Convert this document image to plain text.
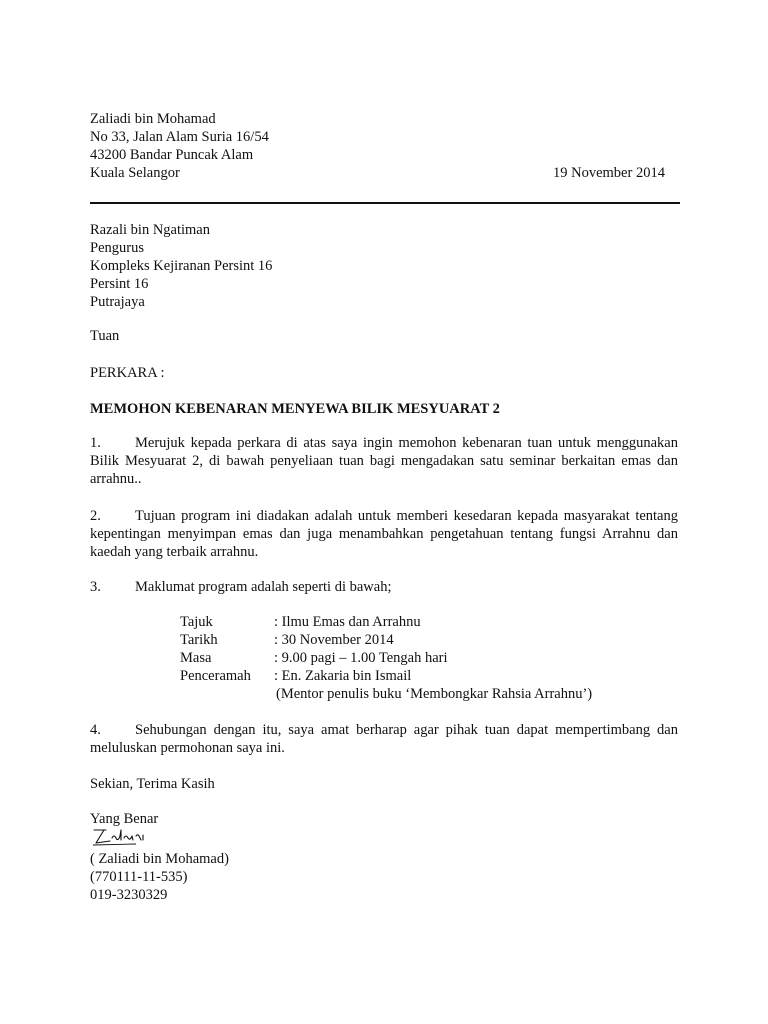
Zaliadi bin Mohamad
No 33, Jalan Alam Suria 16/54
43200 Bandar Puncak Alam
Kuala Selangor	19 November 2014
Razali bin Ngatiman
Pengurus
Kompleks Kejiranan Persint 16
Persint 16
Putrajaya
Tuan
PERKARA :
MEMOHON KEBENARAN MENYEWA BILIK MESYUARAT 2
1. Merujuk kepada perkara di atas saya ingin memohon kebenaran tuan untuk menggunakan Bilik Mesyuarat 2, di bawah penyeliaan tuan bagi mengadakan satu seminar berkaitan emas dan arrahnu..
2. Tujuan program ini diadakan adalah untuk memberi kesedaran kepada masyarakat tentang kepentingan menyimpan emas dan juga menambahkan pengetahuan tentang fungsi Arrahnu dan kaedah yang terbaik arrahnu.
3. Maklumat program adalah seperti di bawah;
Tajuk	: Ilmu Emas dan Arrahnu
Tarikh	: 30 November 2014
Masa	: 9.00 pagi – 1.00 Tengah hari
Penceramah	: En. Zakaria bin Ismail
(Mentor penulis buku ‘Membongkar Rahsia Arrahnu’)
4. Sehubungan dengan itu, saya amat berharap agar pihak tuan dapat mempertimbang dan meluluskan permohonan saya ini.
Sekian, Terima Kasih
Yang Benar
( Zaliadi bin Mohamad)
(770111-11-535)
019-3230329
